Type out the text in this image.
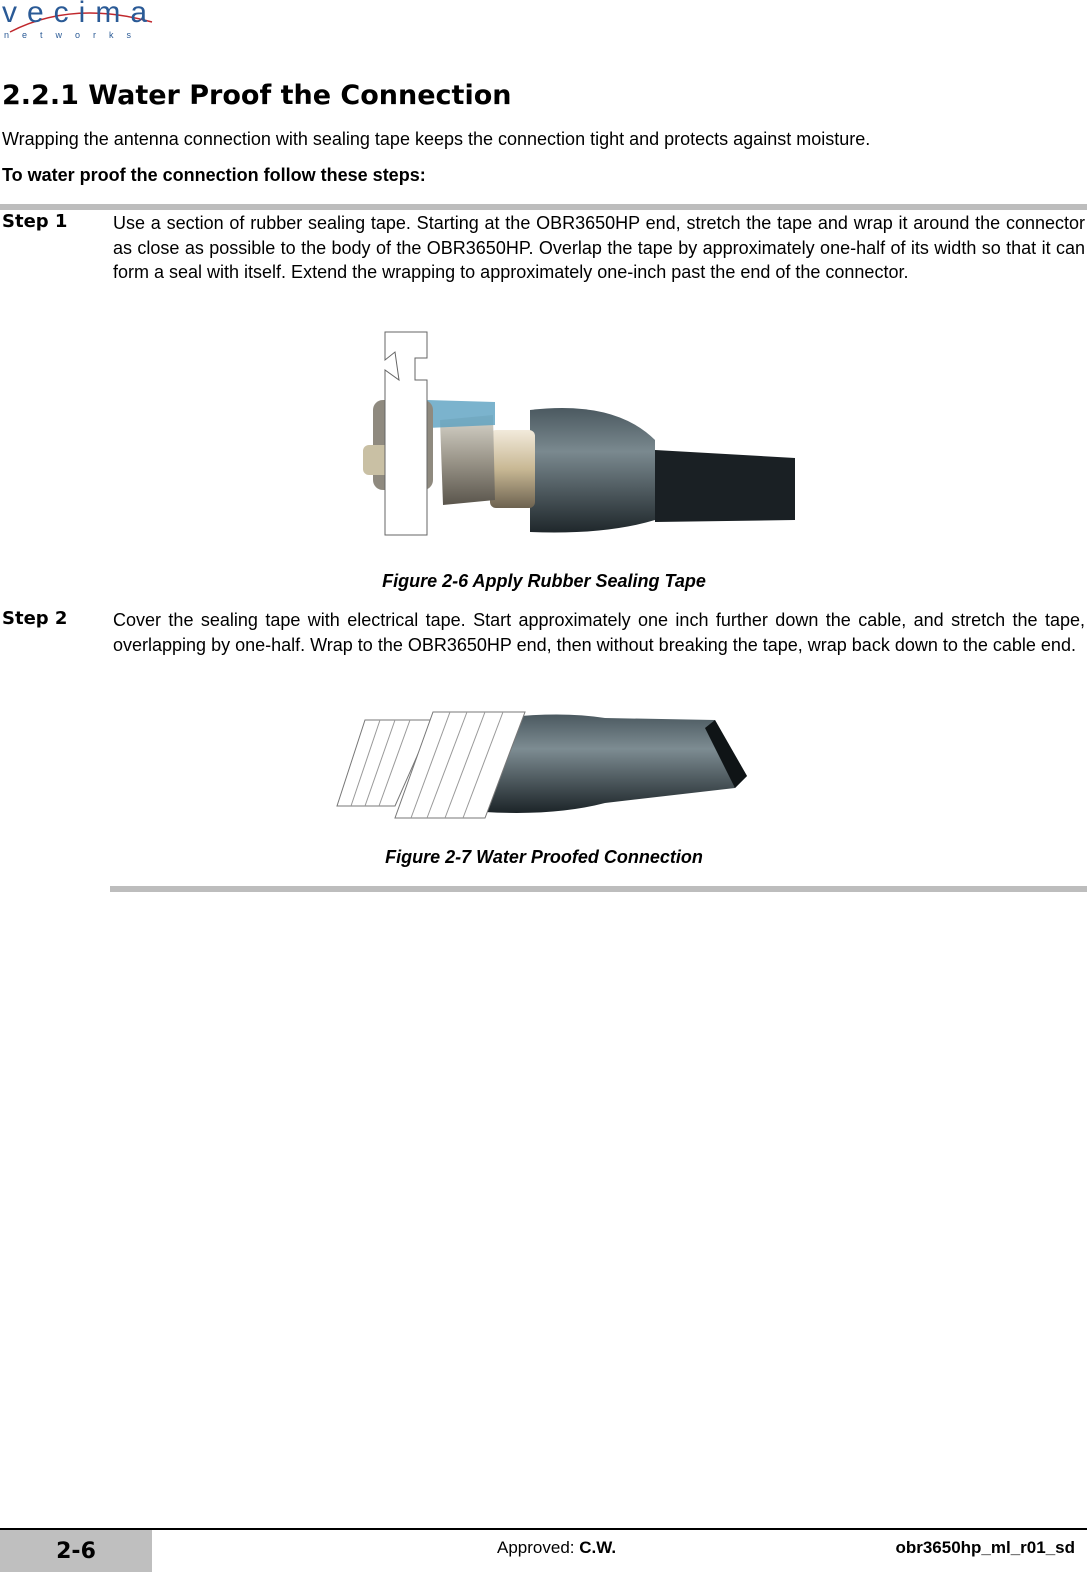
vecima
networks
2.2.1 Water Proof the Connection
Wrapping the antenna connection with sealing tape keeps the connection tight and protects against moisture.
To water proof the connection follow these steps:
Step 1	Use a section of rubber sealing tape. Starting at the OBR3650HP end, stretch the tape and wrap it around the connector as close as possible to the body of the OBR3650HP. Overlap the tape by approximately one-half of its width so that it can form a seal with itself. Extend the wrapping to approximately one-inch past the end of the connector.
Figure 2-6 Apply Rubber Sealing Tape
Step 2	Cover the sealing tape with electrical tape. Start approximately one inch further down the cable, and stretch the tape, overlapping by one-half. Wrap to the OBR3650HP end, then without breaking the tape, wrap back down to the cable end.
Figure 2-7 Water Proofed Connection
2-6	Approved: C.W.	obr3650hp_ml_r01_sd
